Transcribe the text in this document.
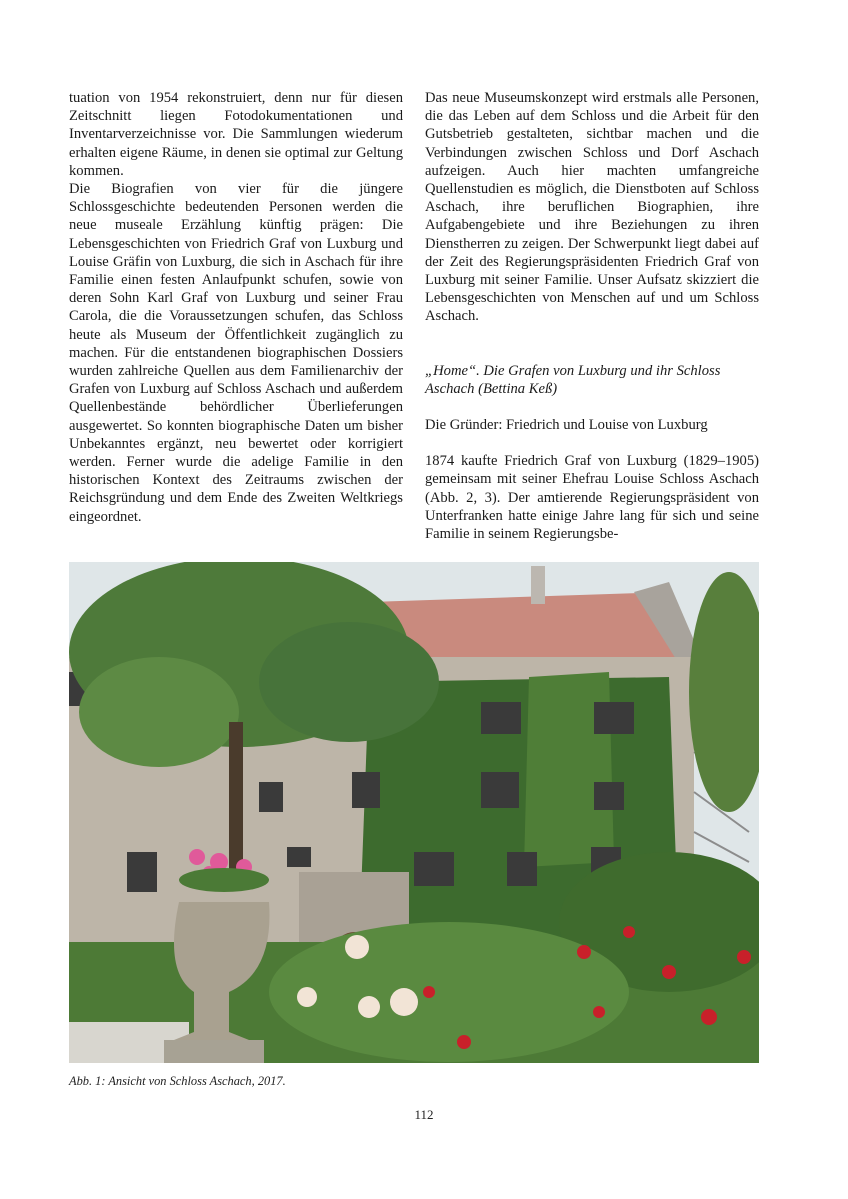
tuation von 1954 rekonstruiert, denn nur für diesen Zeitschnitt liegen Fotodokumentationen und Inventarverzeichnisse vor. Die Sammlungen wiederum erhalten eigene Räume, in denen sie optimal zur Geltung kommen.

Die Biografien von vier für die jüngere Schlossgeschichte bedeutenden Personen werden die neue museale Erzählung künftig prägen: Die Lebensgeschichten von Friedrich Graf von Luxburg und Louise Gräfin von Luxburg, die sich in Aschach für ihre Familie einen festen Anlaufpunkt schufen, sowie von deren Sohn Karl Graf von Luxburg und seiner Frau Carola, die die Voraussetzungen schufen, das Schloss heute als Museum der Öffentlichkeit zugänglich zu machen. Für die entstandenen biographischen Dossiers wurden zahlreiche Quellen aus dem Familienarchiv der Grafen von Luxburg auf Schloss Aschach und außerdem Quellenbestände behördlicher Überlieferungen ausgewertet. So konnten biographische Daten um bisher Unbekanntes ergänzt, neu bewertet oder korrigiert werden. Ferner wurde die adelige Familie in den historischen Kontext des Zeitraums zwischen der Reichsgründung und dem Ende des Zweiten Weltkriegs eingeordnet.

Das neue Museumskonzept wird erstmals alle Personen, die das Leben auf dem Schloss und die Arbeit für den Gutsbetrieb gestalteten, sichtbar machen und die Verbindungen zwischen Schloss und Dorf Aschach aufzeigen. Auch hier machten umfangreiche Quellenstudien es möglich, die Dienstboten auf Schloss Aschach, ihre beruflichen Biographien, ihre Aufgabengebiete und ihre Beziehungen zu ihren Dienstherren zu zeigen. Der Schwerpunkt liegt dabei auf der Zeit des Regierungspräsidenten Friedrich Graf von Luxburg mit seiner Familie. Unser Aufsatz skizziert die Lebensgeschichten von Menschen auf und um Schloss Aschach.

„Home“. Die Grafen von Luxburg und ihr Schloss Aschach (Bettina Keß)

Die Gründer: Friedrich und Louise von Luxburg

1874 kaufte Friedrich Graf von Luxburg (1829–1905) gemeinsam mit seiner Ehefrau Louise Schloss Aschach (Abb. 2, 3). Der amtierende Regierungspräsident von Unterfranken hatte einige Jahre lang für sich und seine Familie in seinem Regierungsbe-

Abb. 1: Ansicht von Schloss Aschach, 2017.
112
